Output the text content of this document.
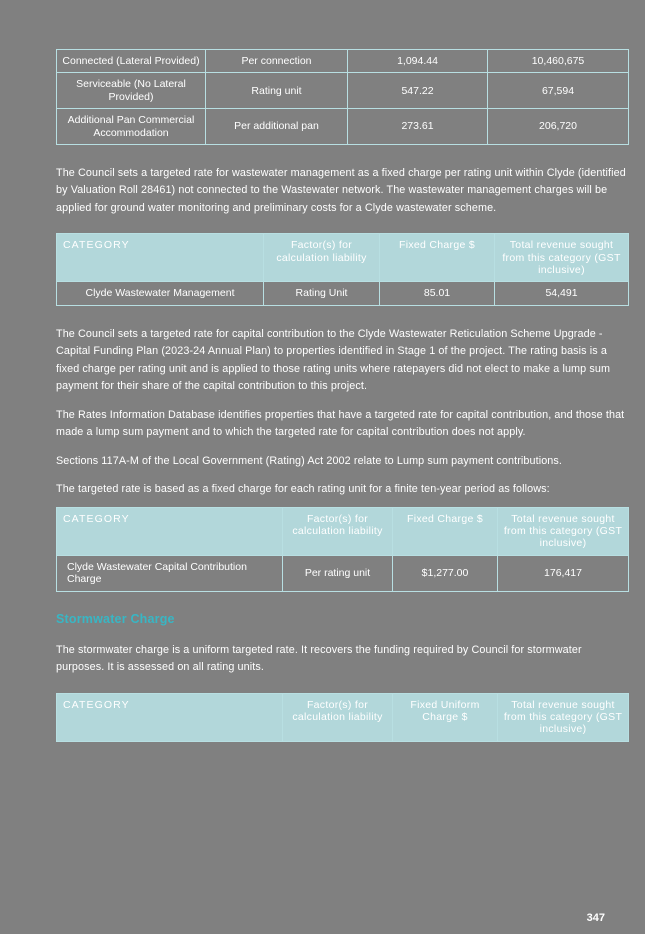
Connected (Lateral Provided)	Per connection	1,094.44	10,460,675
Serviceable (No Lateral Provided)	Rating unit	547.22	67,594
Additional Pan Commercial Accommodation	Per additional pan	273.61	206,720

The Council sets a targeted rate for wastewater management as a fixed charge per rating unit within Clyde (identified by Valuation Roll 28461) not connected to the Wastewater network. The wastewater management charges will be applied for ground water monitoring and preliminary costs for a Clyde wastewater scheme.

CATEGORY	Factor(s) for calculation liability	Fixed Charge $	Total revenue sought from this category (GST inclusive)
Clyde Wastewater Management	Rating Unit	85.01	54,491

The Council sets a targeted rate for capital contribution to the Clyde Wastewater Reticulation Scheme Upgrade - Capital Funding Plan (2023-24 Annual Plan) to properties identified in Stage 1 of the project. The rating basis is a fixed charge per rating unit and is applied to those rating units where ratepayers did not elect to make a lump sum payment for their share of the capital contribution to this project.

The Rates Information Database identifies properties that have a targeted rate for capital contribution, and those that made a lump sum payment and to which the targeted rate for capital contribution does not apply.

Sections 117A-M of the Local Government (Rating) Act 2002 relate to Lump sum payment contributions.

The targeted rate is based as a fixed charge for each rating unit for a finite ten-year period as follows:

CATEGORY	Factor(s) for calculation liability	Fixed Charge $	Total revenue sought from this category (GST inclusive)
Clyde Wastewater Capital Contribution Charge	Per rating unit	$1,277.00	176,417
Stormwater Charge

The stormwater charge is a uniform targeted rate. It recovers the funding required by Council for stormwater purposes. It is assessed on all rating units.

CATEGORY	Factor(s) for calculation liability	Fixed Uniform Charge $	Total revenue sought from this category (GST inclusive)
347
